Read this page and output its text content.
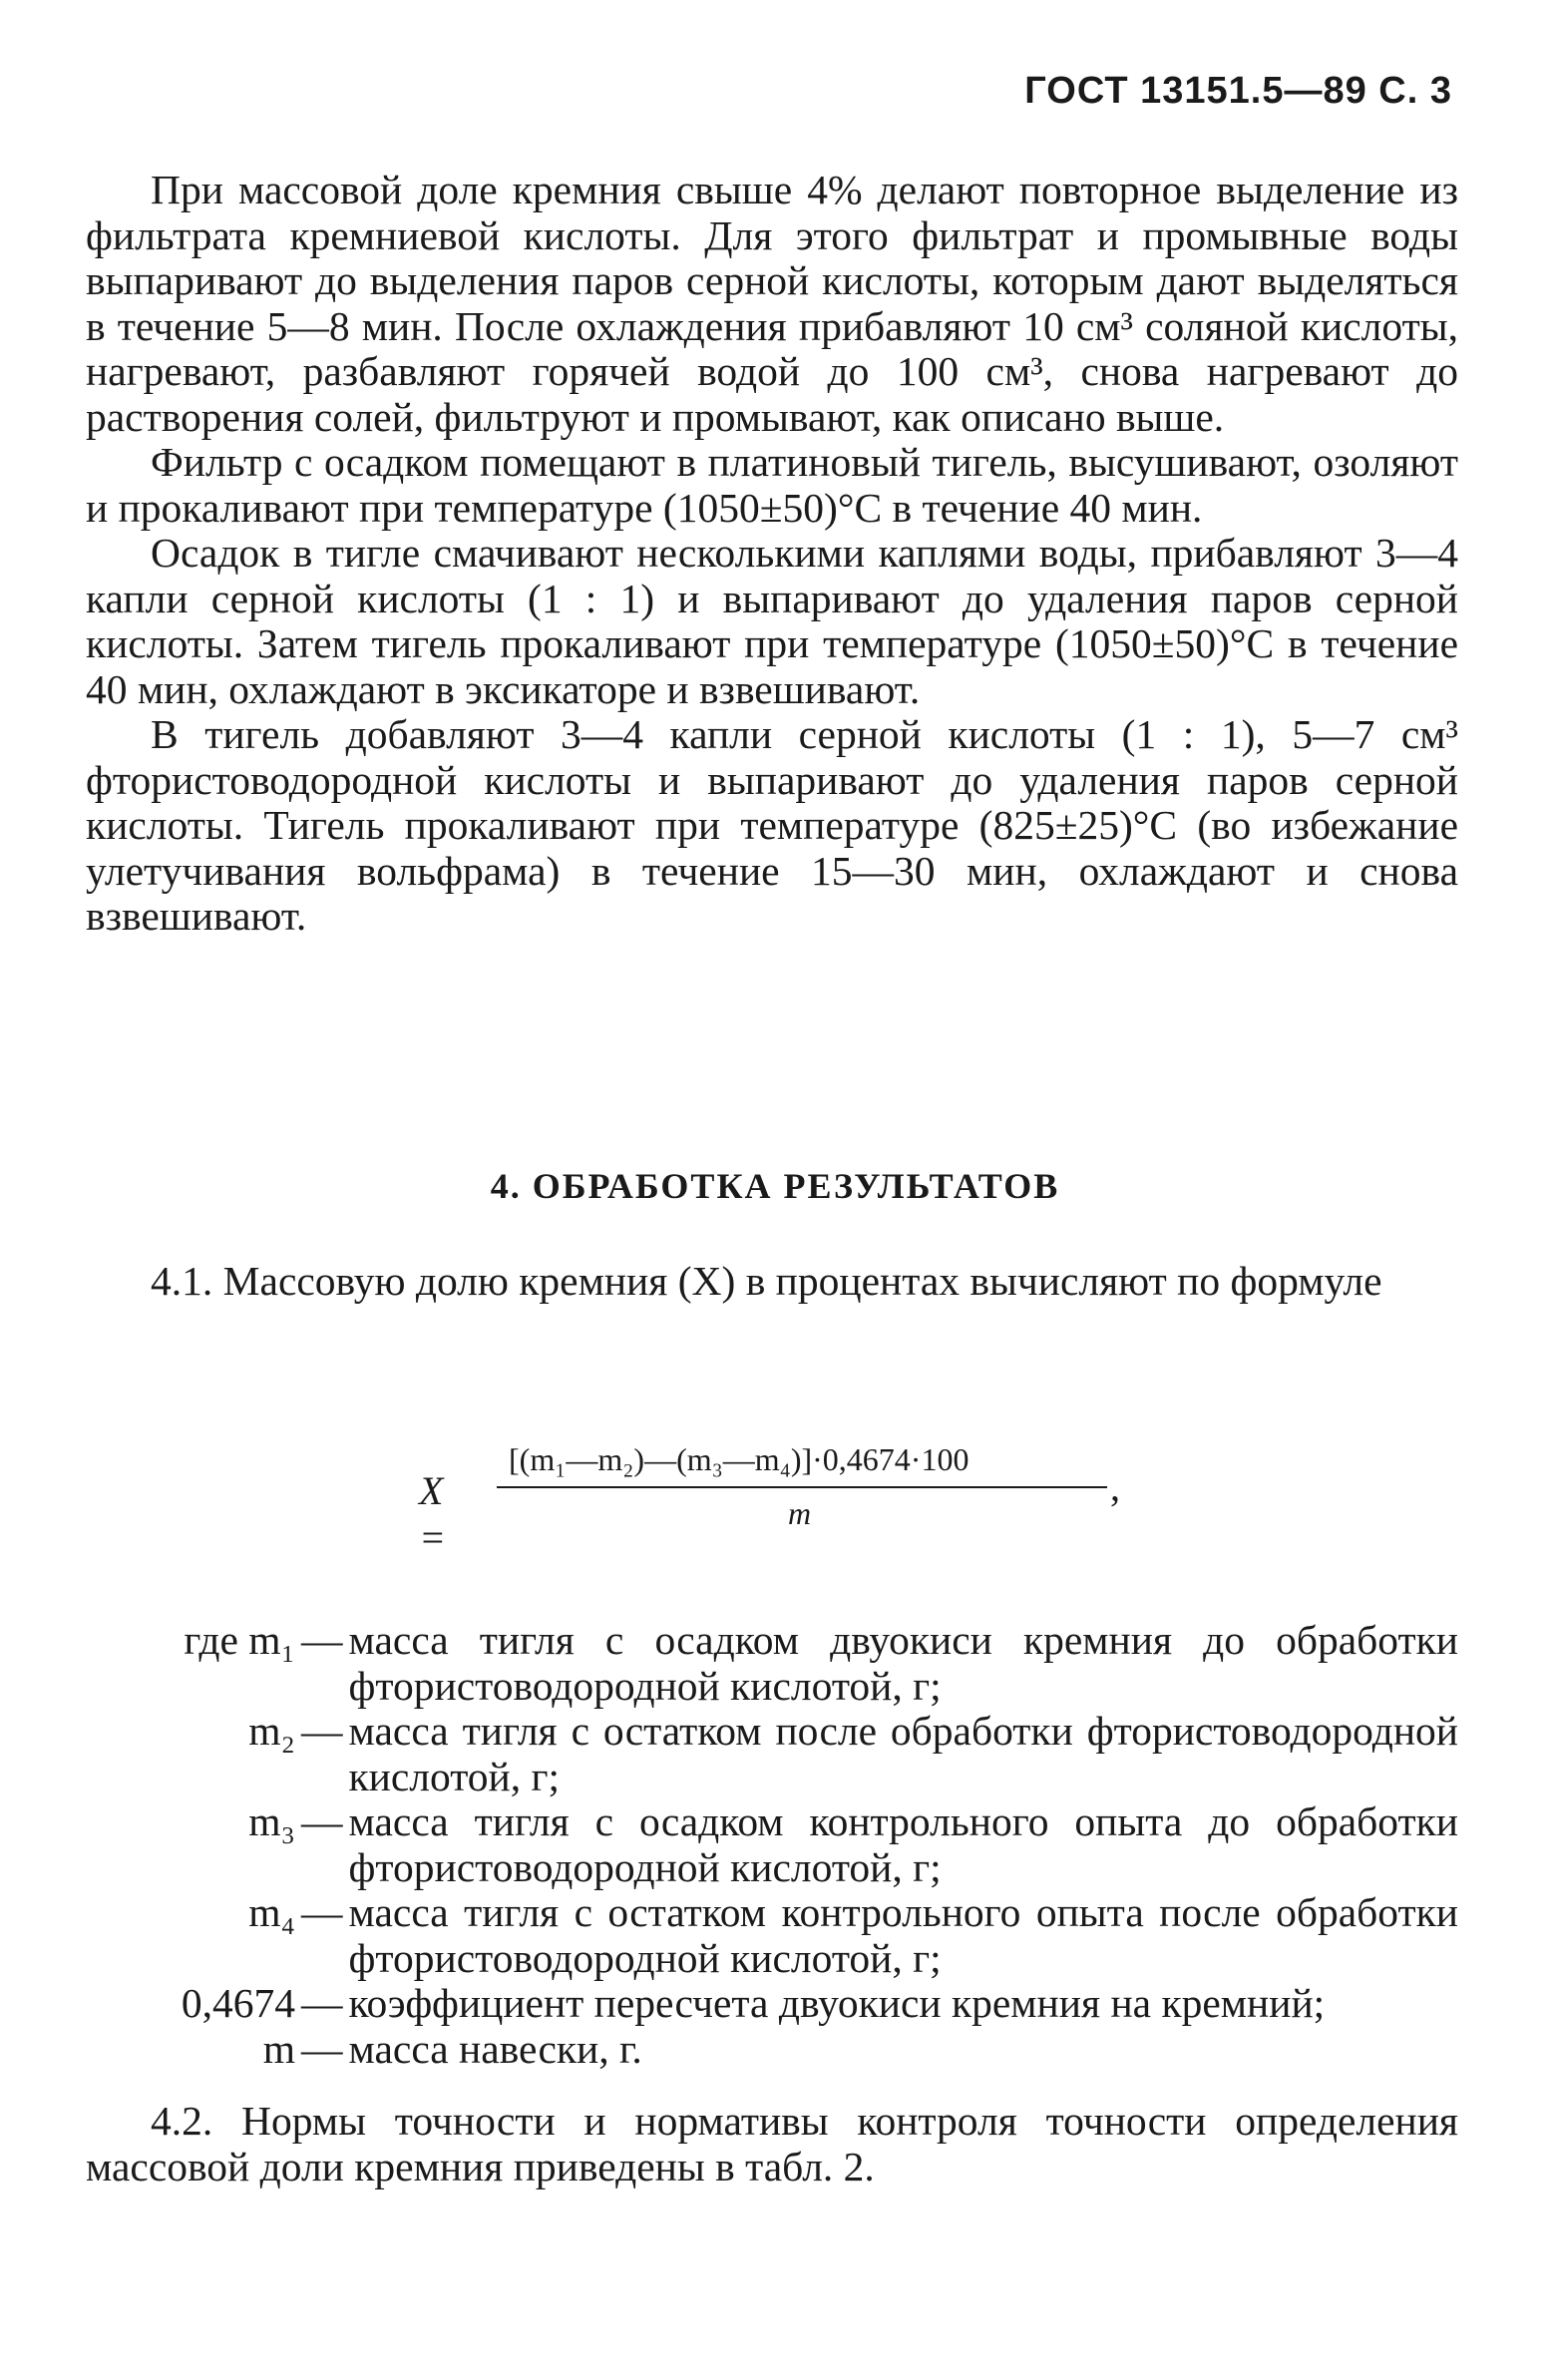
ГОСТ 13151.5—89 С. 3

При массовой доле кремния свыше 4% делают повторное выделение из фильтрата кремниевой кислоты. Для этого фильтрат и промывные воды выпаривают до выделения паров серной кислоты, которым дают выделяться в течение 5—8 мин. После охлаждения прибавляют 10 см³ соляной кислоты, нагревают, разбавляют горячей водой до 100 см³, снова нагревают до растворения солей, фильтруют и промывают, как описано выше.

Фильтр с осадком помещают в платиновый тигель, высушивают, озоляют и прокаливают при температуре (1050±50)°С в течение 40 мин.

Осадок в тигле смачивают несколькими каплями воды, прибавляют 3—4 капли серной кислоты (1 : 1) и выпаривают до удаления паров серной кислоты. Затем тигель прокаливают при температуре (1050±50)°С в течение 40 мин, охлаждают в эксикаторе и взвешивают.

В тигель добавляют 3—4 капли серной кислоты (1 : 1), 5—7 см³ фтористоводородной кислоты и выпаривают до удаления паров серной кислоты. Тигель прокаливают при температуре (825±25)°С (во избежание улетучивания вольфрама) в течение 15—30 мин, охлаждают и снова взвешивают.

4. ОБРАБОТКА РЕЗУЛЬТАТОВ

4.1. Массовую долю кремния (X) в процентах вычисляют по формуле

X =
[(m₁—m₂)—(m₃—m₄)]·0,4674·100
,
m
где m₁ — масса тигля с осадком двуокиси кремния до обработки фтористоводородной кислотой, г;
m₂ — масса тигля с остатком после обработки фтористоводородной кислотой, г;
m₃ — масса тигля с осадком контрольного опыта до обработки фтористоводородной кислотой, г;
m₄ — масса тигля с остатком контрольного опыта после обработки фтористоводородной кислотой, г;
0,4674 — коэффициент пересчета двуокиси кремния на кремний;
m — масса навески, г.

4.2. Нормы точности и нормативы контроля точности определения массовой доли кремния приведены в табл. 2.
